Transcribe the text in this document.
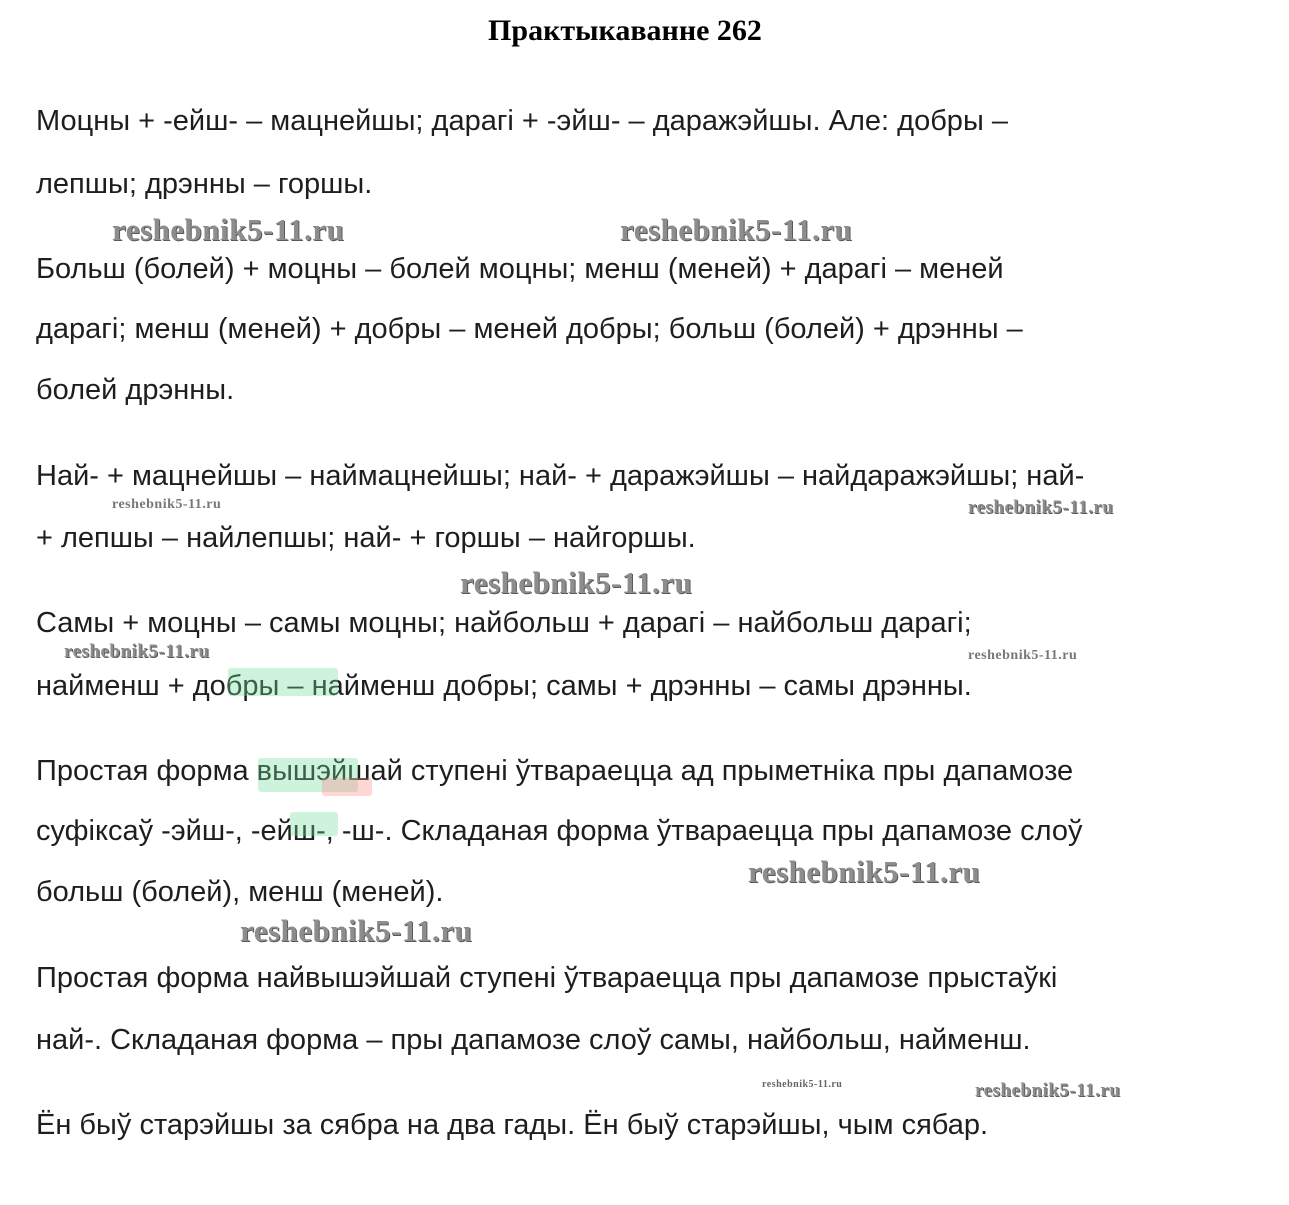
Практыкаванне 262

Моцны + -ейш- – мацнейшы; дарагі + -эйш- – даражэйшы. Але: добры –

лепшы; дрэнны – горшы.

Больш (болей) + моцны – болей моцны; менш (меней) + дарагі – меней

дарагі; менш (меней) + добры – меней добры; больш (болей) + дрэнны –

болей дрэнны.

Най- + мацнейшы – наймацнейшы; най- + даражэйшы – найдаражэйшы; най-

+ лепшы – найлепшы; най- + горшы – найгоршы.

Самы + моцны – самы моцны; найбольш + дарагі – найбольш дарагі;

найменш + добры – найменш добры; самы + дрэнны – самы дрэнны.

Простая форма вышэйшай ступені ўтвараецца ад прыметніка пры дапамозе

суфіксаў -эйш-, -ейш-, -ш-. Складаная форма ўтвараецца пры дапамозе слоў

больш (болей), менш (меней).

Простая форма найвышэйшай ступені ўтвараецца пры дапамозе прыстаўкі

най-. Складаная форма – пры дапамозе слоў самы, найбольш, найменш.

Ён быў старэйшы за сябра на два гады. Ён быў старэйшы, чым сябар.

reshebnik5-11.ru	reshebnik5-11.ru
reshebnik5-11.ru	reshebnik5-11.ru
reshebnik5-11.ru
reshebnik5-11.ru	reshebnik5-11.ru
reshebnik5-11.ru
reshebnik5-11.ru
reshebnik5-11.ru	reshebnik5-11.ru
